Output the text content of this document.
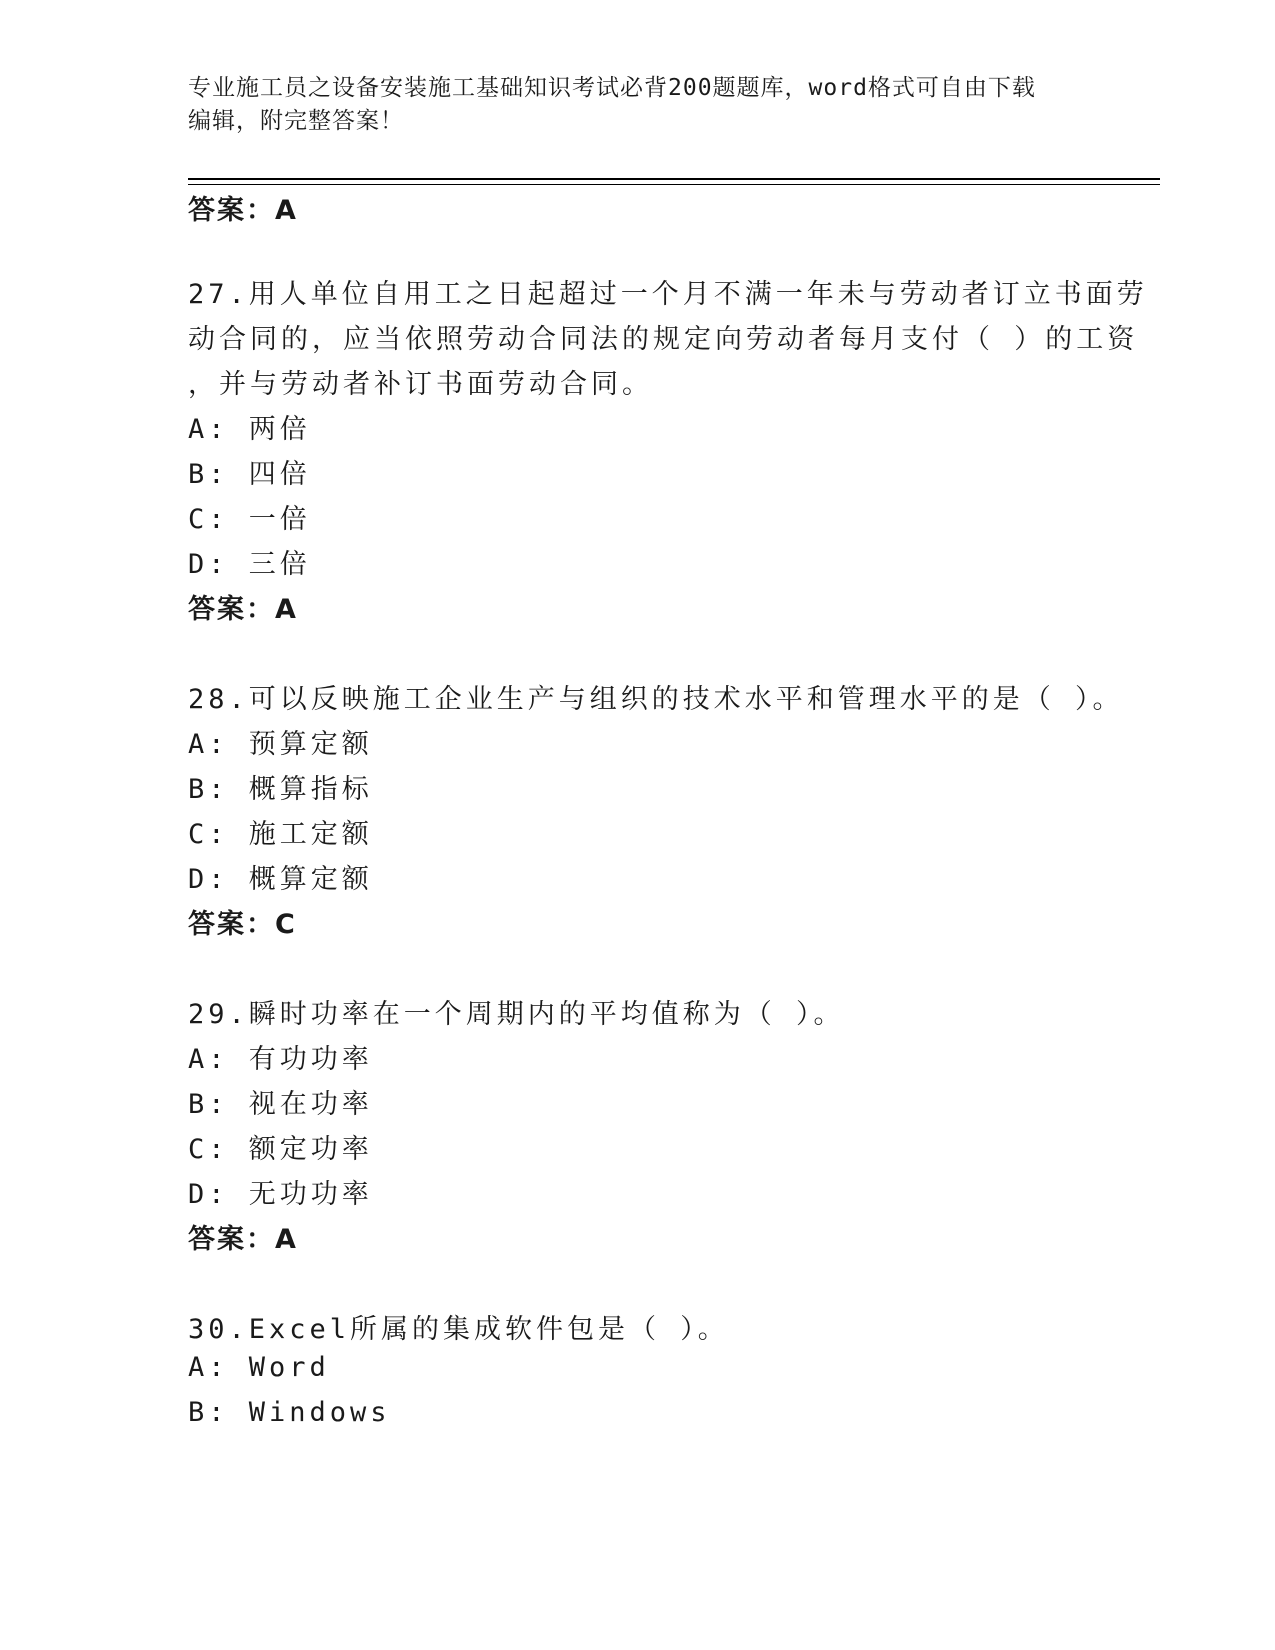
专业施工员之设备安装施工基础知识考试必背200题题库，word格式可自由下载
编辑，附完整答案！
答案：A
27.用人单位自用工之日起超过一个月不满一年未与劳动者订立书面劳
动合同的，应当依照劳动合同法的规定向劳动者每月支付（ ）的工资
，并与劳动者补订书面劳动合同。
A: 两倍
B: 四倍
C: 一倍
D: 三倍
答案：A
28.可以反映施工企业生产与组织的技术水平和管理水平的是（ ）。
A: 预算定额
B: 概算指标
C: 施工定额
D: 概算定额
答案：C
29.瞬时功率在一个周期内的平均值称为（ ）。
A: 有功功率
B: 视在功率
C: 额定功率
D: 无功功率
答案：A
30.Excel所属的集成软件包是（ ）。
A: Word
B: Windows
